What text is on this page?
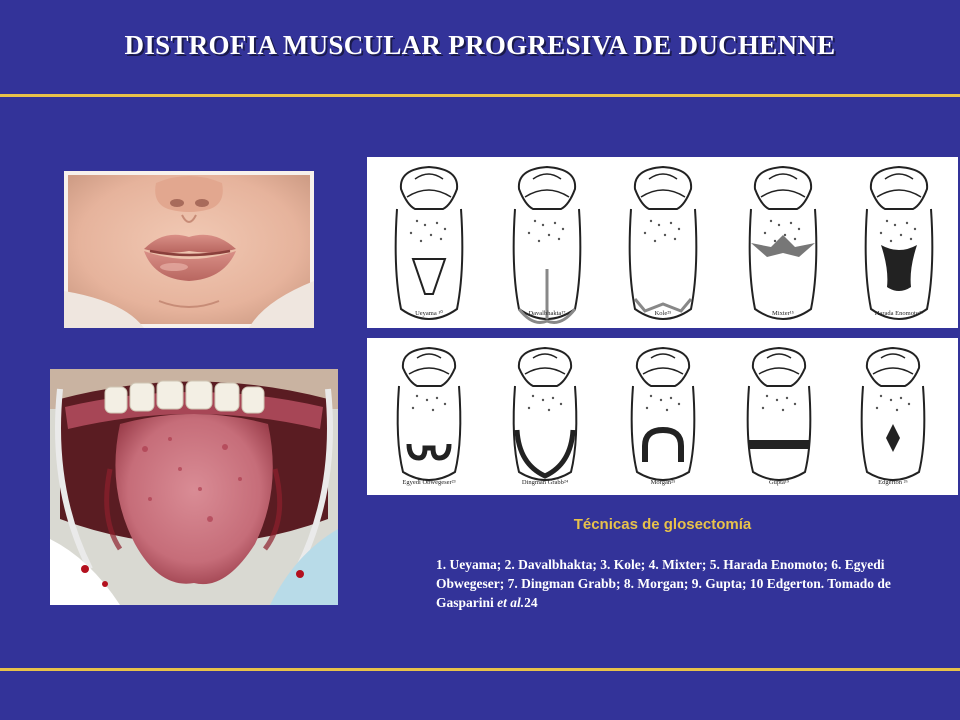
DISTROFIA MUSCULAR PROGRESIVA DE DUCHENNE
Ueyama ¹⁰	Davalbhakta¹⁷	Kole²⁵	Mixter¹⁵	Harada Enomoto²⁶
Egyedi Obwegeser²³	Dingman Grabb²⁴	Morgan²⁵	Gupta¹⁹	Edgerton ²⁶
Técnicas de glosectomía
1. Ueyama; 2. Davalbhakta; 3. Kole; 4. Mixter; 5. Harada Enomoto; 6. Egyedi Obwegeser; 7. Dingman Grabb; 8. Morgan; 9. Gupta; 10 Edgerton. Tomado de Gasparini et al.24
